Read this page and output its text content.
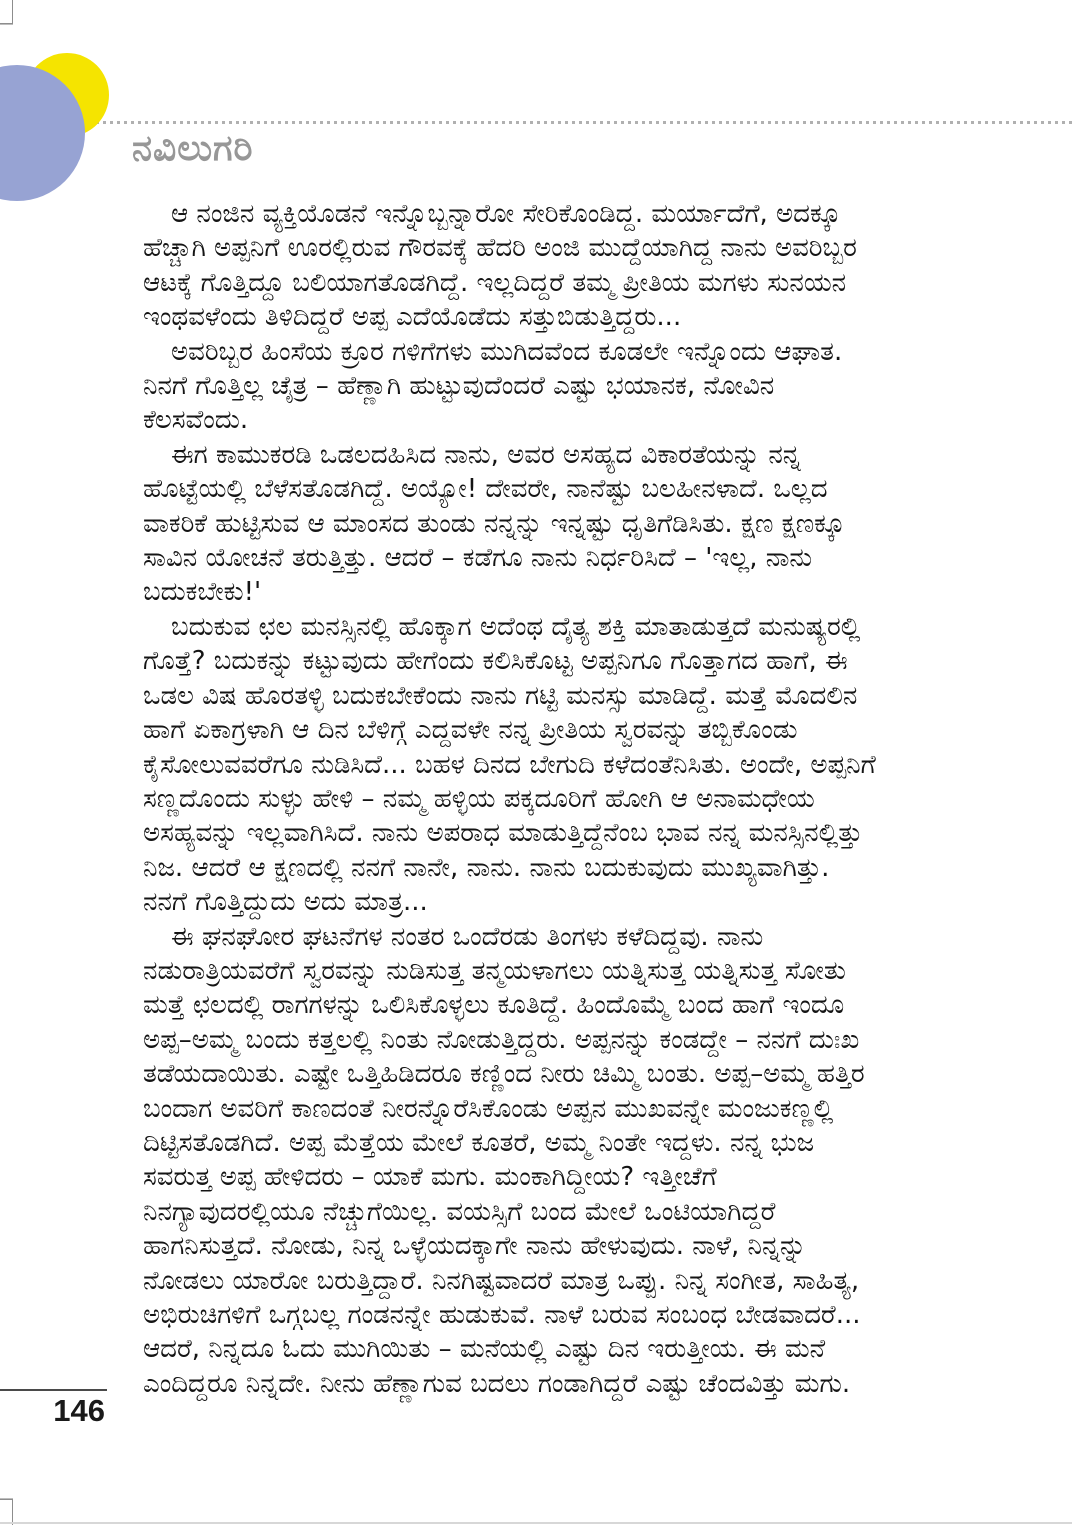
ನವಿಲುಗರಿ

ಆ ನಂಜಿನ ವ್ಯಕ್ತಿಯೊಡನೆ ಇನ್ನೊಬ್ಬನ್ನಾರೋ ಸೇರಿಕೊಂಡಿದ್ದ. ಮರ್ಯಾದೆಗೆ, ಅದಕ್ಕೂ
ಹೆಚ್ಚಾಗಿ ಅಪ್ಪನಿಗೆ ಊರಲ್ಲಿರುವ ಗೌರವಕ್ಕೆ ಹೆದರಿ ಅಂಜಿ ಮುದ್ದೆಯಾಗಿದ್ದ ನಾನು ಅವರಿಬ್ಬರ
ಆಟಕ್ಕೆ ಗೊತ್ತಿದ್ದೂ ಬಲಿಯಾಗತೊಡಗಿದ್ದೆ. ಇಲ್ಲದಿದ್ದರೆ ತಮ್ಮ ಪ್ರೀತಿಯ ಮಗಳು ಸುನಯನ
ಇಂಥವಳೆಂದು ತಿಳಿದಿದ್ದರೆ ಅಪ್ಪ ಎದೆಯೊಡೆದು ಸತ್ತುಬಿಡುತ್ತಿದ್ದರು...

ಅವರಿಬ್ಬರ ಹಿಂಸೆಯ ಕ್ರೂರ ಗಳಿಗೆಗಳು ಮುಗಿದವೆಂದ ಕೂಡಲೇ ಇನ್ನೊಂದು ಆಘಾತ.
ನಿನಗೆ ಗೊತ್ತಿಲ್ಲ ಚೈತ್ರ – ಹೆಣ್ಣಾಗಿ ಹುಟ್ಟುವುದೆಂದರೆ ಎಷ್ಟು ಭಯಾನಕ, ನೋವಿನ
ಕೆಲಸವೆಂದು.

ಈಗ ಕಾಮುಕರಡಿ ಒಡಲದಹಿಸಿದ ನಾನು, ಅವರ ಅಸಹ್ಯದ ವಿಕಾರತೆಯನ್ನು ನನ್ನ
ಹೊಟ್ಟೆಯಲ್ಲಿ ಬೆಳೆಸತೊಡಗಿದ್ದೆ. ಅಯ್ಯೋ! ದೇವರೇ, ನಾನೆಷ್ಟು ಬಲಹೀನಳಾದೆ. ಒಲ್ಲದ
ವಾಕರಿಕೆ ಹುಟ್ಟಿಸುವ ಆ ಮಾಂಸದ ತುಂಡು ನನ್ನನ್ನು ಇನ್ನಷ್ಟು ಧೃತಿಗೆಡಿಸಿತು. ಕ್ಷಣ ಕ್ಷಣಕ್ಕೂ
ಸಾವಿನ ಯೋಚನೆ ತರುತ್ತಿತ್ತು. ಆದರೆ – ಕಡೆಗೂ ನಾನು ನಿರ್ಧರಿಸಿದೆ – 'ಇಲ್ಲ, ನಾನು
ಬದುಕಬೇಕು!'

ಬದುಕುವ ಛಲ ಮನಸ್ಸಿನಲ್ಲಿ ಹೊಕ್ಕಾಗ ಅದೆಂಥ ದೈತ್ಯ ಶಕ್ತಿ ಮಾತಾಡುತ್ತದೆ ಮನುಷ್ಯರಲ್ಲಿ
ಗೊತ್ತೆ? ಬದುಕನ್ನು ಕಟ್ಟುವುದು ಹೇಗೆಂದು ಕಲಿಸಿಕೊಟ್ಟ ಅಪ್ಪನಿಗೂ ಗೊತ್ತಾಗದ ಹಾಗೆ, ಈ
ಒಡಲ ವಿಷ ಹೊರತಳ್ಳಿ ಬದುಕಬೇಕೆಂದು ನಾನು ಗಟ್ಟಿ ಮನಸ್ಸು ಮಾಡಿದ್ದೆ. ಮತ್ತೆ ಮೊದಲಿನ
ಹಾಗೆ ಏಕಾಗ್ರಳಾಗಿ ಆ ದಿನ ಬೆಳಿಗ್ಗೆ ಎದ್ದವಳೇ ನನ್ನ ಪ್ರೀತಿಯ ಸ್ವರವನ್ನು ತಬ್ಬಿಕೊಂಡು
ಕೈಸೋಲುವವರೆಗೂ ನುಡಿಸಿದೆ... ಬಹಳ ದಿನದ ಬೇಗುದಿ ಕಳೆದಂತೆನಿಸಿತು. ಅಂದೇ, ಅಪ್ಪನಿಗೆ
ಸಣ್ಣದೊಂದು ಸುಳ್ಳು ಹೇಳಿ – ನಮ್ಮ ಹಳ್ಳಿಯ ಪಕ್ಕದೂರಿಗೆ ಹೋಗಿ ಆ ಅನಾಮಧೇಯ
ಅಸಹ್ಯವನ್ನು ಇಲ್ಲವಾಗಿಸಿದೆ. ನಾನು ಅಪರಾಧ ಮಾಡುತ್ತಿದ್ದೆನೆಂಬ ಭಾವ ನನ್ನ ಮನಸ್ಸಿನಲ್ಲಿತ್ತು
ನಿಜ. ಆದರೆ ಆ ಕ್ಷಣದಲ್ಲಿ ನನಗೆ ನಾನೇ, ನಾನು. ನಾನು ಬದುಕುವುದು ಮುಖ್ಯವಾಗಿತ್ತು.
ನನಗೆ ಗೊತ್ತಿದ್ದುದು ಅದು ಮಾತ್ರ...

ಈ ಘನಘೋರ ಘಟನೆಗಳ ನಂತರ ಒಂದೆರಡು ತಿಂಗಳು ಕಳೆದಿದ್ದವು. ನಾನು
ನಡುರಾತ್ರಿಯವರೆಗೆ ಸ್ವರವನ್ನು ನುಡಿಸುತ್ತ ತನ್ಮಯಳಾಗಲು ಯತ್ನಿಸುತ್ತ ಯತ್ನಿಸುತ್ತ ಸೋತು
ಮತ್ತೆ ಛಲದಲ್ಲಿ ರಾಗಗಳನ್ನು ಒಲಿಸಿಕೊಳ್ಳಲು ಕೂತಿದ್ದೆ. ಹಿಂದೊಮ್ಮೆ ಬಂದ ಹಾಗೆ ಇಂದೂ
ಅಪ್ಪ–ಅಮ್ಮ ಬಂದು ಕತ್ತಲಲ್ಲಿ ನಿಂತು ನೋಡುತ್ತಿದ್ದರು. ಅಪ್ಪನನ್ನು ಕಂಡದ್ದೇ – ನನಗೆ ದುಃಖ
ತಡೆಯದಾಯಿತು. ಎಷ್ಟೇ ಒತ್ತಿಹಿಡಿದರೂ ಕಣ್ಣಿಂದ ನೀರು ಚಿಮ್ಮಿ ಬಂತು. ಅಪ್ಪ–ಅಮ್ಮ ಹತ್ತಿರ
ಬಂದಾಗ ಅವರಿಗೆ ಕಾಣದಂತೆ ನೀರನ್ನೊರೆಸಿಕೊಂಡು ಅಪ್ಪನ ಮುಖವನ್ನೇ ಮಂಜುಕಣ್ಣಲ್ಲಿ
ದಿಟ್ಟಿಸತೊಡಗಿದೆ. ಅಪ್ಪ ಮೆತ್ತೆಯ ಮೇಲೆ ಕೂತರೆ, ಅಮ್ಮ ನಿಂತೇ ಇದ್ದಳು. ನನ್ನ ಭುಜ
ಸವರುತ್ತ ಅಪ್ಪ ಹೇಳಿದರು – ಯಾಕೆ ಮಗು. ಮಂಕಾಗಿದ್ದೀಯ? ಇತ್ತೀಚೆಗೆ
ನಿನಗ್ಯಾವುದರಲ್ಲಿಯೂ ನೆಚ್ಚುಗೆಯಿಲ್ಲ. ವಯಸ್ಸಿಗೆ ಬಂದ ಮೇಲೆ ಒಂಟಿಯಾಗಿದ್ದರೆ
ಹಾಗನಿಸುತ್ತದೆ. ನೋಡು, ನಿನ್ನ ಒಳ್ಳೆಯದಕ್ಕಾಗೇ ನಾನು ಹೇಳುವುದು. ನಾಳೆ, ನಿನ್ನನ್ನು
ನೋಡಲು ಯಾರೋ ಬರುತ್ತಿದ್ದಾರೆ. ನಿನಗಿಷ್ಟವಾದರೆ ಮಾತ್ರ ಒಪ್ಪು. ನಿನ್ನ ಸಂಗೀತ, ಸಾಹಿತ್ಯ,
ಅಭಿರುಚಿಗಳಿಗೆ ಒಗ್ಗಬಲ್ಲ ಗಂಡನನ್ನೇ ಹುಡುಕುವೆ. ನಾಳೆ ಬರುವ ಸಂಬಂಧ ಬೇಡವಾದರೆ...
ಆದರೆ, ನಿನ್ನದೂ ಓದು ಮುಗಿಯಿತು – ಮನೆಯಲ್ಲಿ ಎಷ್ಟು ದಿನ ಇರುತ್ತೀಯ. ಈ ಮನೆ
ಎಂದಿದ್ದರೂ ನಿನ್ನದೇ. ನೀನು ಹೆಣ್ಣಾಗುವ ಬದಲು ಗಂಡಾಗಿದ್ದರೆ ಎಷ್ಟು ಚೆಂದವಿತ್ತು ಮಗು.

146
